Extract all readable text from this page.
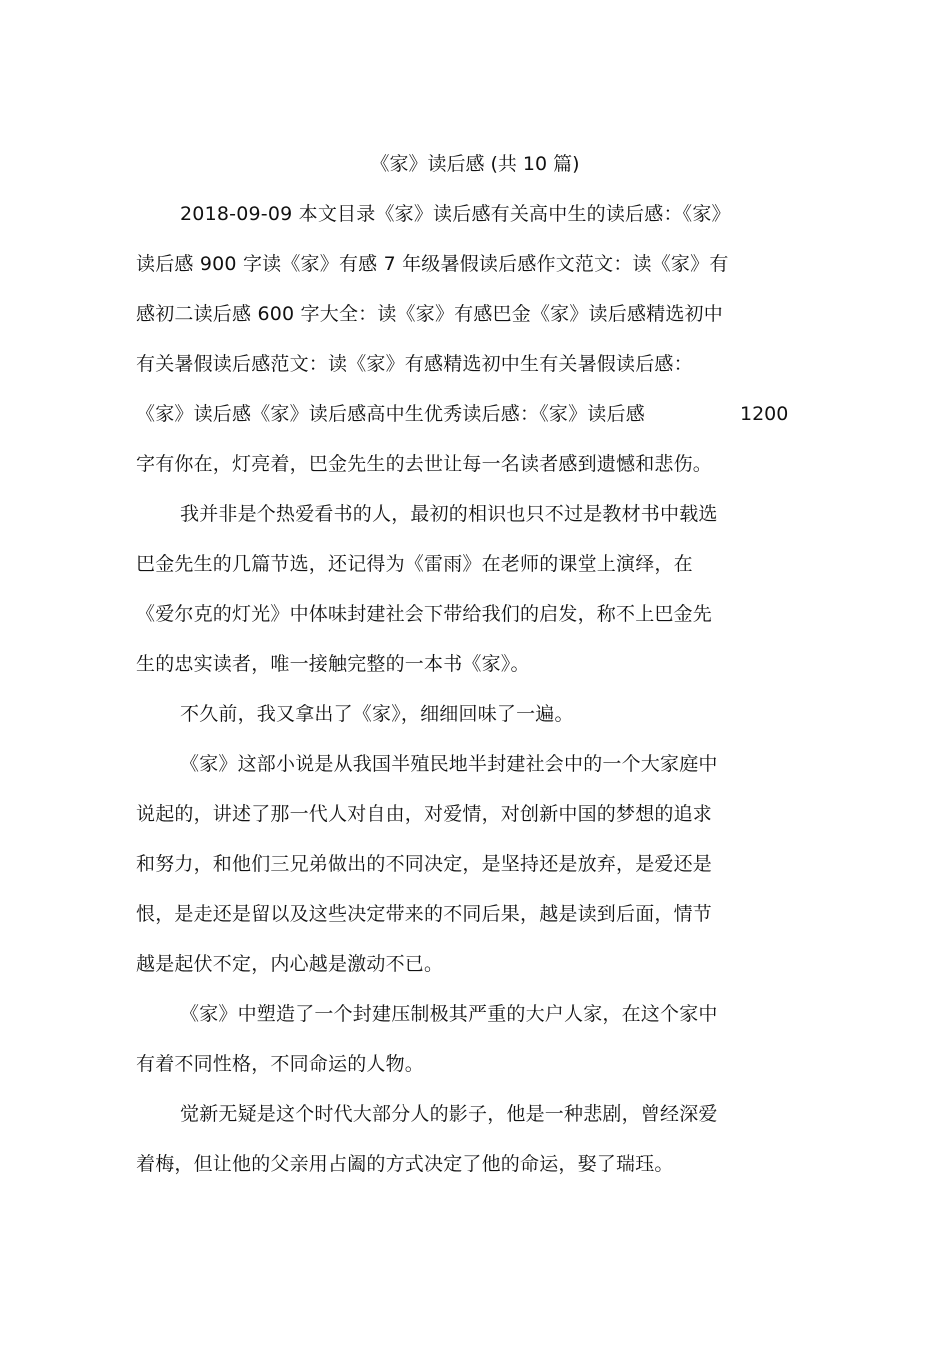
《家》读后感 (共 10 篇)
2018-09-09 本文目录《家》读后感有关高中生的读后感：《家》
读后感 900 字读《家》有感 7 年级暑假读后感作文范文：读《家》有
感初二读后感 600 字大全：读《家》有感巴金《家》读后感精选初中
有关暑假读后感范文：读《家》有感精选初中生有关暑假读后感：
《家》读后感《家》读后感高中生优秀读后感：《家》读后感	1200
字有你在，灯亮着，巴金先生的去世让每一名读者感到遗憾和悲伤。
我并非是个热爱看书的人，最初的相识也只不过是教材书中载选
巴金先生的几篇节选，还记得为《雷雨》在老师的课堂上演绎，在
《爱尔克的灯光》中体味封建社会下带给我们的启发，称不上巴金先
生的忠实读者，唯一接触完整的一本书《家》。
不久前，我又拿出了《家》，细细回味了一遍。
《家》这部小说是从我国半殖民地半封建社会中的一个大家庭中
说起的，讲述了那一代人对自由，对爱情，对创新中国的梦想的追求
和努力，和他们三兄弟做出的不同决定，是坚持还是放弃，是爱还是
恨，是走还是留以及这些决定带来的不同后果，越是读到后面，情节
越是起伏不定，内心越是激动不已。
《家》中塑造了一个封建压制极其严重的大户人家，在这个家中
有着不同性格，不同命运的人物。
觉新无疑是这个时代大部分人的影子，他是一种悲剧，曾经深爱
着梅，但让他的父亲用占阖的方式决定了他的命运，娶了瑞珏。
